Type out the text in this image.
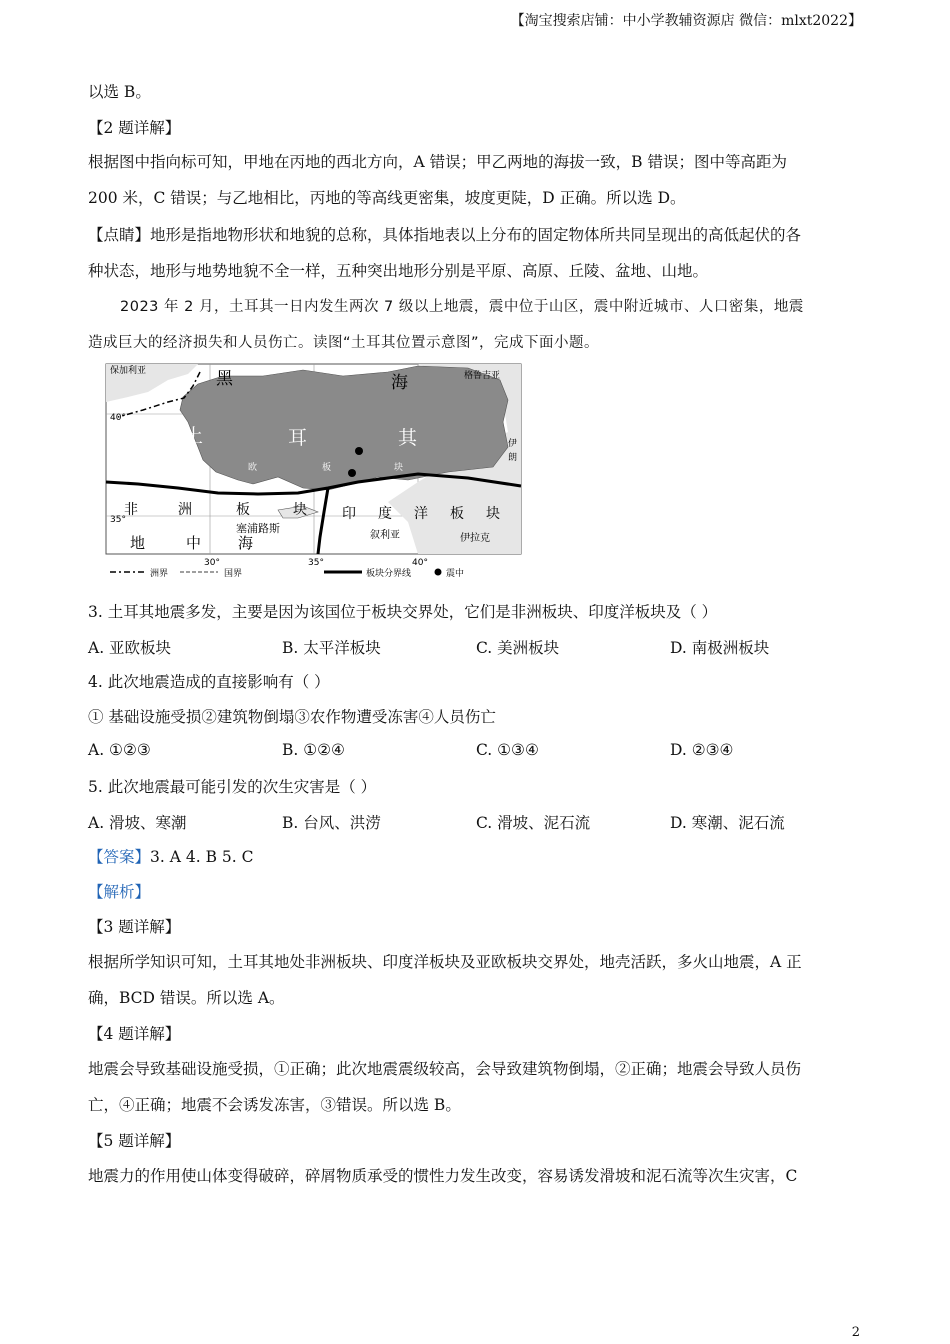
【淘宝搜索店铺：中小学教辅资源店 微信：mlxt2022】
以选 B。
【2 题详解】
根据图中指向标可知，甲地在丙地的西北方向，A 错误；甲乙两地的海拔一致，B 错误；图中等高距为
200 米，C 错误；与乙地相比，丙地的等高线更密集，坡度更陡，D 正确。所以选 D。
【点睛】地形是指地物形状和地貌的总称，具体指地表以上分布的固定物体所共同呈现出的高低起伏的各
种状态，地形与地势地貌不全一样，五种突出地形分别是平原、高原、丘陵、盆地、山地。
2023 年 2 月，土耳其一日内发生两次 7 级以上地震，震中位于山区，震中附近城市、人口密集，地震
造成巨大的经济损失和人员伤亡。读图“土耳其位置示意图”，完成下面小题。
保加利亚	黑	海	格鲁吉亚
40°
土	耳	其	伊
朗
亚	欧	板	块
非	洲	板	块
35°	印 度 洋 板 块
塞浦路斯
叙利亚	伊拉克
地	中 海
30°	35°	40°
洲界	国界	板块分界线	震中
3. 土耳其地震多发，主要是因为该国位于板块交界处，它们是非洲板块、印度洋板块及（ ）
A. 亚欧板块	B. 太平洋板块	C. 美洲板块	D. 南极洲板块
4. 此次地震造成的直接影响有（ ）
① 基础设施受损②建筑物倒塌③农作物遭受冻害④人员伤亡
A. ①②③	B. ①②④	C. ①③④	D. ②③④
5. 此次地震最可能引发的次生灾害是（ ）
A. 滑坡、寒潮	B. 台风、洪涝	C. 滑坡、泥石流	D. 寒潮、泥石流
【答案】3. A 4. B 5. C
【解析】
【3 题详解】
根据所学知识可知，土耳其地处非洲板块、印度洋板块及亚欧板块交界处，地壳活跃，多火山地震，A 正
确，BCD 错误。所以选 A。
【4 题详解】
地震会导致基础设施受损，①正确；此次地震震级较高，会导致建筑物倒塌，②正确；地震会导致人员伤
亡，④正确；地震不会诱发冻害，③错误。所以选 B。
【5 题详解】
地震力的作用使山体变得破碎，碎屑物质承受的惯性力发生改变，容易诱发滑坡和泥石流等次生灾害，C
2
